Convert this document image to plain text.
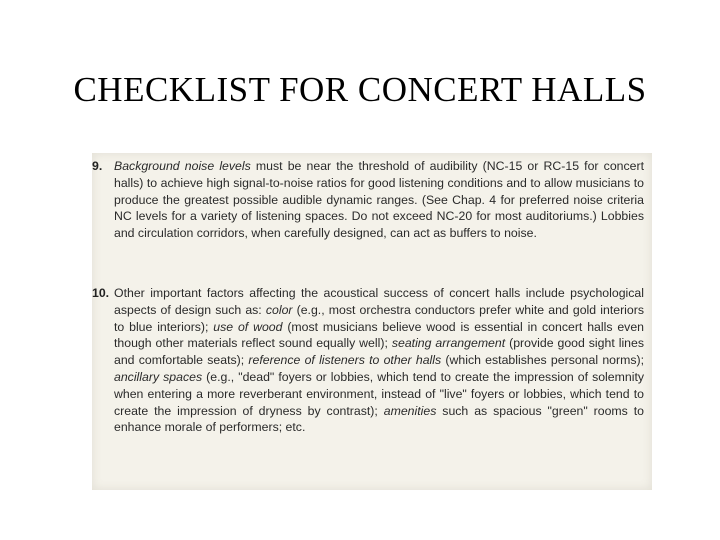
CHECKLIST FOR CONCERT HALLS
9. Background noise levels must be near the threshold of audibility (NC-15 or RC-15 for concert halls) to achieve high signal-to-noise ratios for good listening conditions and to allow musicians to produce the greatest possible audible dynamic ranges. (See Chap. 4 for preferred noise criteria NC levels for a variety of listening spaces. Do not exceed NC-20 for most auditoriums.) Lobbies and circulation corridors, when carefully designed, can act as buffers to noise.
10. Other important factors affecting the acoustical success of concert halls include psychological aspects of design such as: color (e.g., most orchestra conductors prefer white and gold interiors to blue interiors); use of wood (most musicians believe wood is essential in concert halls even though other materials reflect sound equally well); seating arrangement (provide good sight lines and comfortable seats); reference of listeners to other halls (which establishes personal norms); ancillary spaces (e.g., "dead" foyers or lobbies, which tend to create the impression of solemnity when entering a more reverberant environment, instead of "live" foyers or lobbies, which tend to create the impression of dryness by contrast); amenities such as spacious "green" rooms to enhance morale of performers; etc.
